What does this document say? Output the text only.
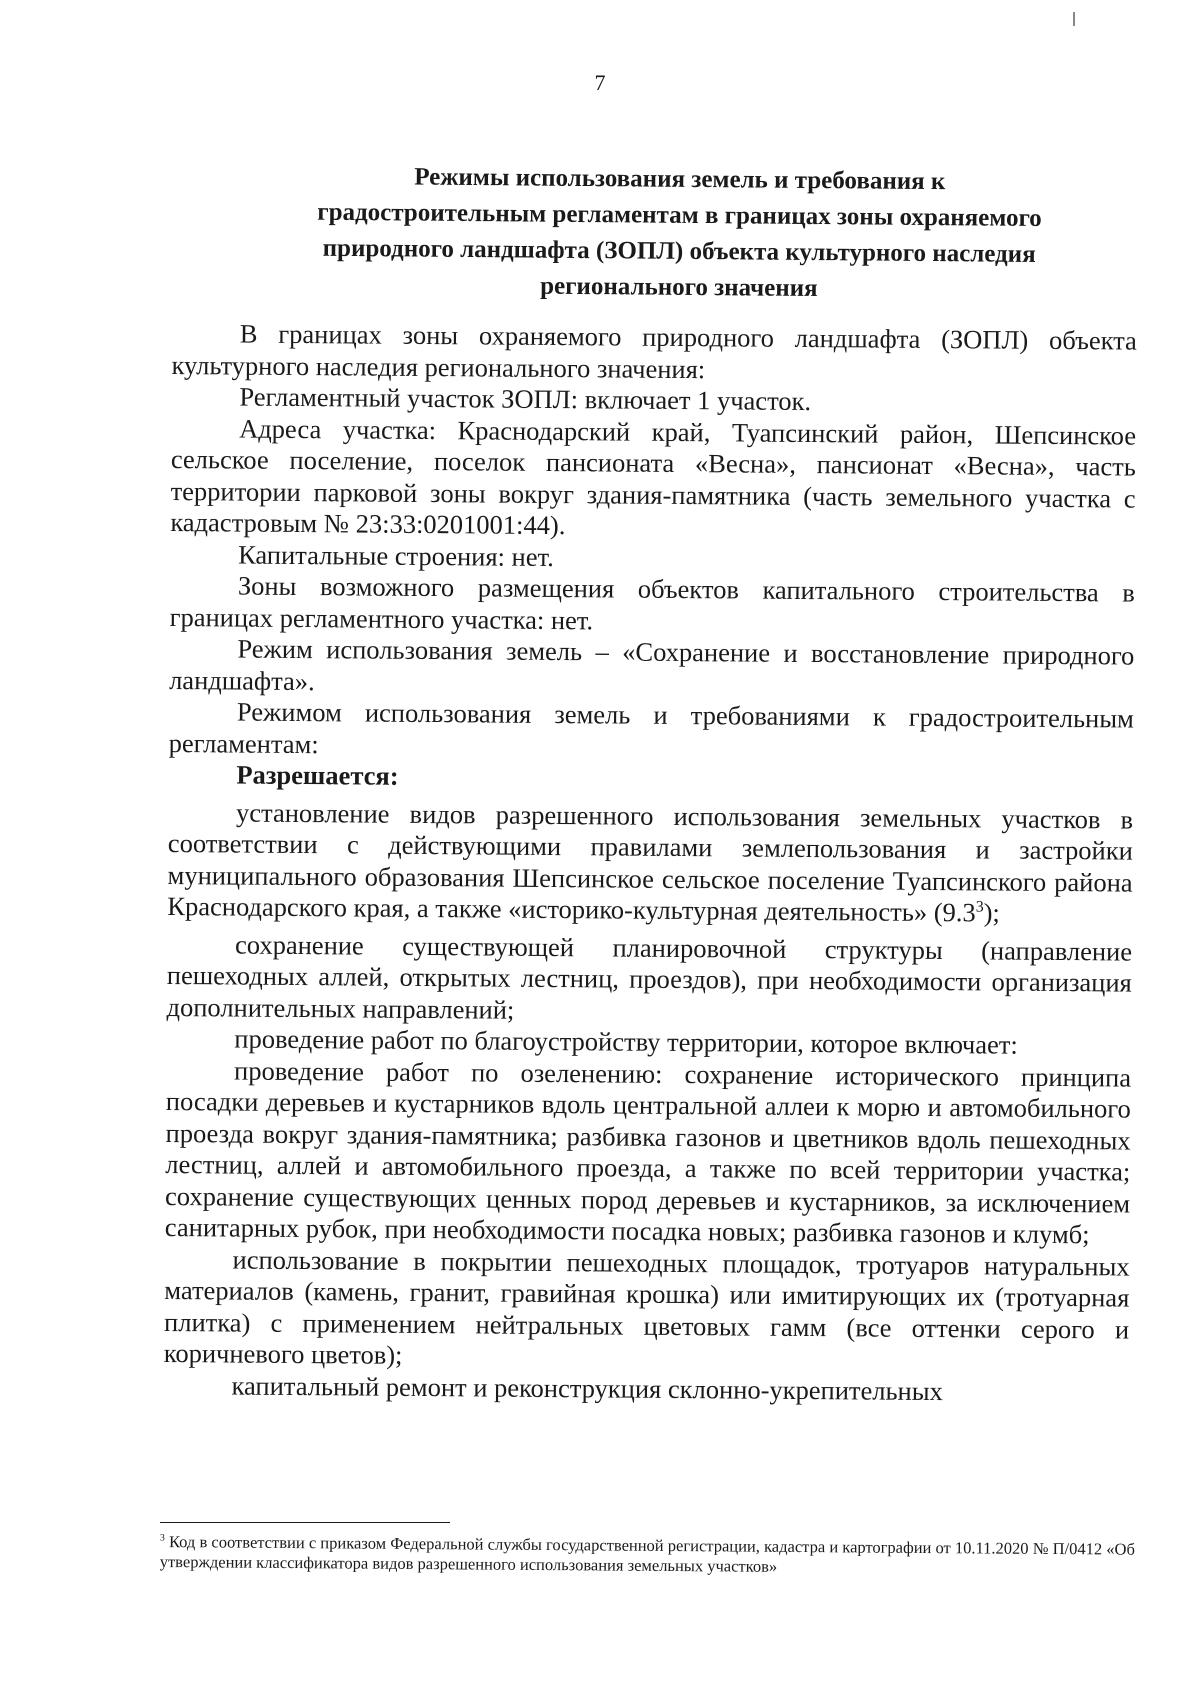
7
Режимы использования земель и требования к
градостроительным регламентам в границах зоны охраняемого
природного ландшафта (ЗОПЛ) объекта культурного наследия
регионального значения

В границах зоны охраняемого природного ландшафта (ЗОПЛ) объекта культурного наследия регионального значения:

Регламентный участок ЗОПЛ: включает 1 участок.

Адреса участка: Краснодарский край, Туапсинский район, Шепсинское сельское поселение, поселок пансионата «Весна», пансионат «Весна», часть территории парковой зоны вокруг здания-памятника (часть земельного участка с кадастровым № 23:33:0201001:44).

Капитальные строения: нет.

Зоны возможного размещения объектов капитального строительства в границах регламентного участка: нет.

Режим использования земель – «Сохранение и восстановление природного ландшафта».

Режимом использования земель и требованиями к градостроительным регламентам:

Разрешается:

установление видов разрешенного использования земельных участков в соответствии с действующими правилами землепользования и застройки муниципального образования Шепсинское сельское поселение Туапсинского района Краснодарского края, а также «историко-культурная деятельность» $(9.3^3)$;

сохранение существующей планировочной структуры (направление пешеходных аллей, открытых лестниц, проездов), при необходимости организация дополнительных направлений;

проведение работ по благоустройству территории, которое включает:

проведение работ по озеленению: сохранение исторического принципа посадки деревьев и кустарников вдоль центральной аллеи к морю и автомобильного проезда вокруг здания-памятника; разбивка газонов и цветников вдоль пешеходных лестниц, аллей и автомобильного проезда, а также по всей территории участка; сохранение существующих ценных пород деревьев и кустарников, за исключением санитарных рубок, при необходимости посадка новых; разбивка газонов и клумб;

использование в покрытии пешеходных площадок, тротуаров натуральных материалов (камень, гранит, гравийная крошка) или имитирующих их (тротуарная плитка) с применением нейтральных цветовых гамм (все оттенки серого и коричневого цветов);

капитальный ремонт и реконструкция склонно-укрепительных

$^3$ Код в соответствии с приказом Федеральной службы государственной регистрации, кадастра и картографии от 10.11.2020 № П/0412 «Об утверждении классификатора видов разрешенного использования земельных участков»
